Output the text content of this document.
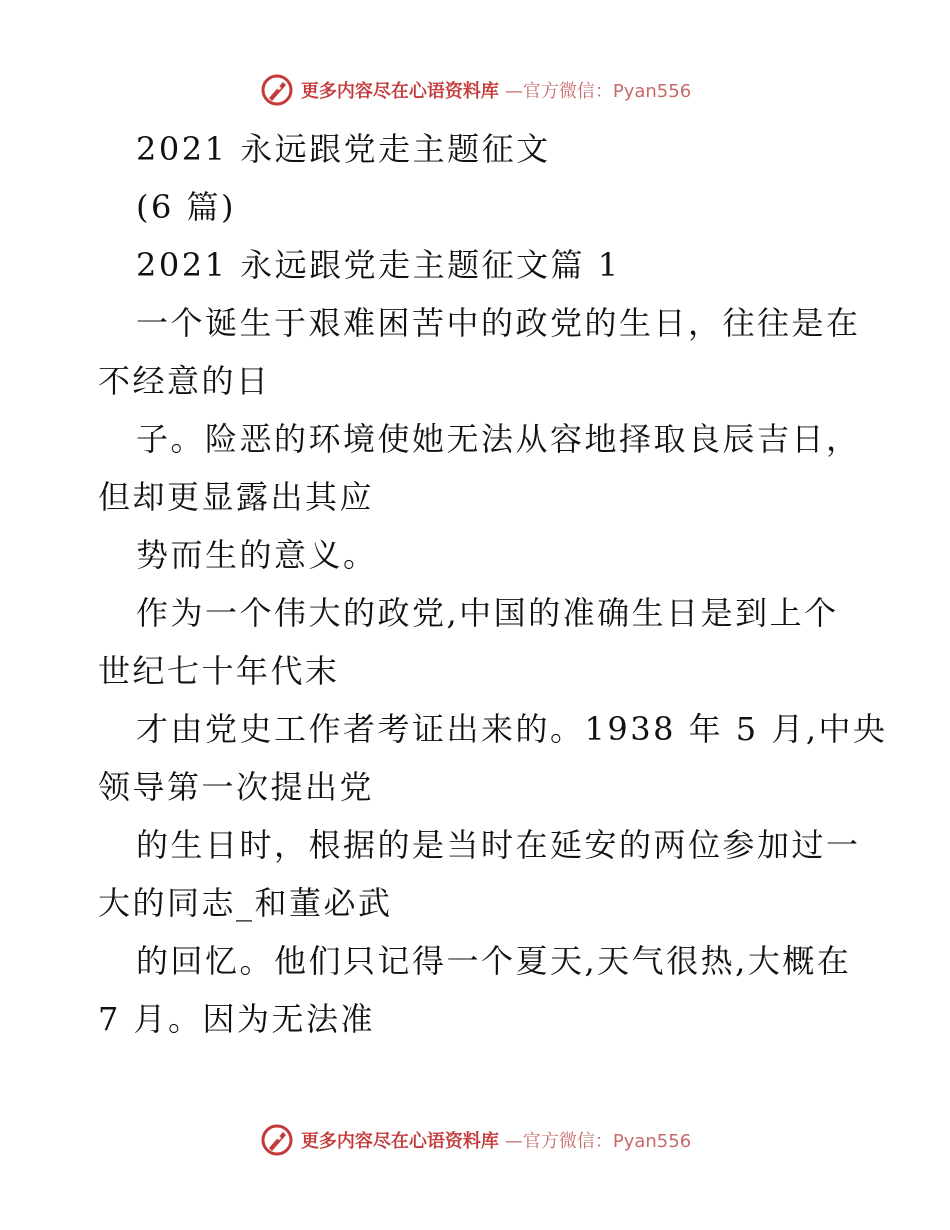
更多内容尽在心语资料库 —官方微信：Pyan556

2021 永远跟党走主题征文

(6 篇)

2021 永远跟党走主题征文篇 1

一个诞生于艰难困苦中的政党的生日，往往是在

不经意的日

子。险恶的环境使她无法从容地择取良辰吉日，

但却更显露出其应

势而生的意义。

作为一个伟大的政党,中国的准确生日是到上个

世纪七十年代末

才由党史工作者考证出来的。1938 年 5 月,中央

领导第一次提出党

的生日时，根据的是当时在延安的两位参加过一

大的同志_和董必武

的回忆。他们只记得一个夏天,天气很热,大概在

7 月。因为无法准

更多内容尽在心语资料库 —官方微信：Pyan556
